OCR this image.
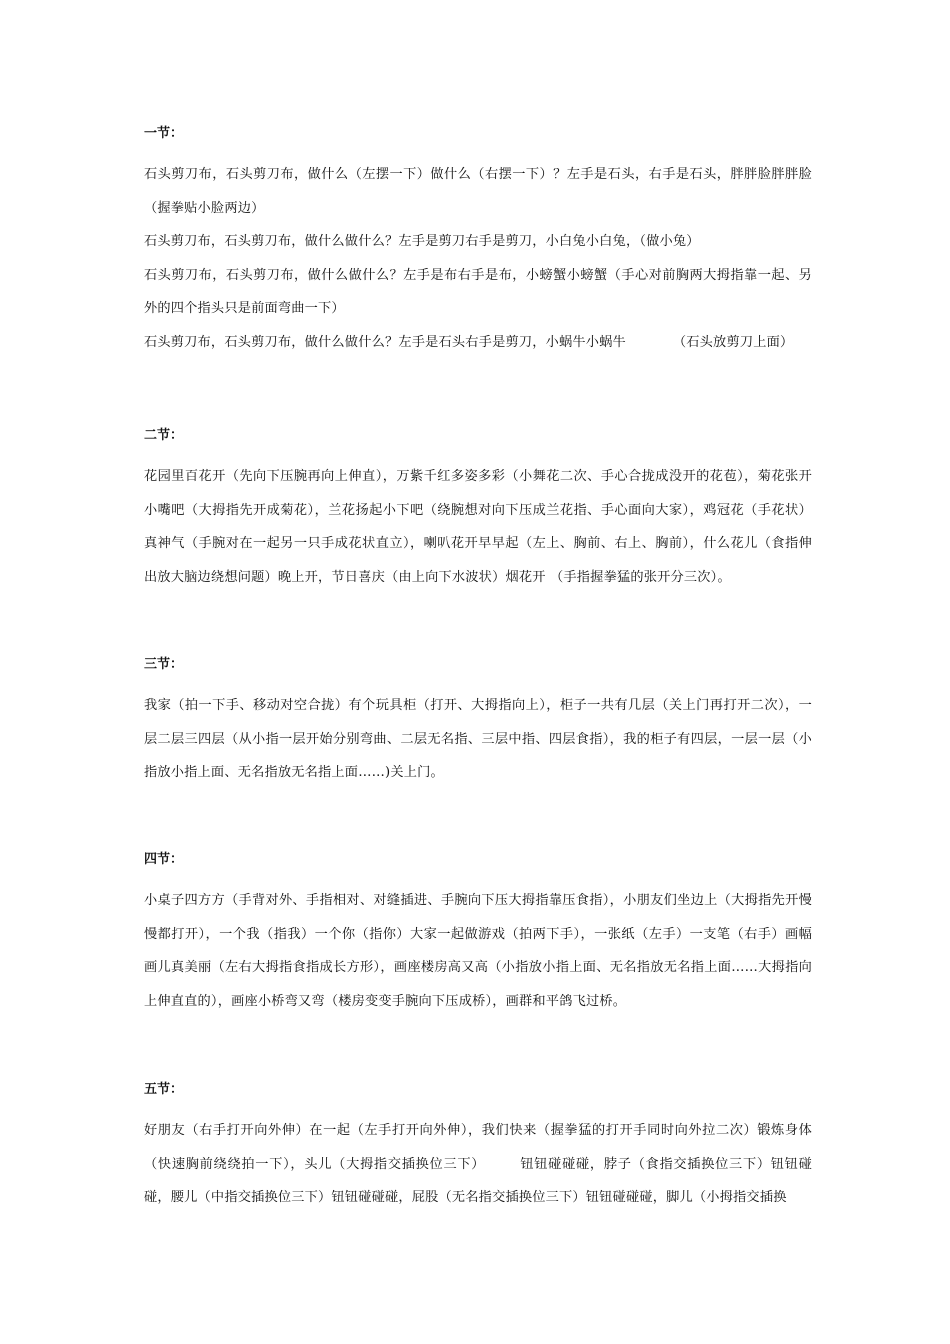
一节：

石头剪刀布，石头剪刀布，做什么（左摆一下）做什么（右摆一下）？左手是石头，右手是石头，胖胖脸胖胖脸（握拳贴小脸两边）

石头剪刀布，石头剪刀布，做什么做什么？左手是剪刀右手是剪刀，小白兔小白兔，（做小兔）

石头剪刀布，石头剪刀布，做什么做什么？左手是布右手是布，小螃蟹小螃蟹（手心对前胸两大拇指靠一起、另外的四个指头只是前面弯曲一下）

石头剪刀布，石头剪刀布，做什么做什么？左手是石头右手是剪刀，小蜗牛小蜗牛　　　　（石头放剪刀上面）

二节：

花园里百花开（先向下压腕再向上伸直），万紫千红多姿多彩（小舞花二次、手心合拢成没开的花苞），菊花张开小嘴吧（大拇指先开成菊花），兰花扬起小下吧（绕腕想对向下压成兰花指、手心面向大家），鸡冠花（手花状）真神气（手腕对在一起另一只手成花状直立），喇叭花开早早起（左上、胸前、右上、胸前），什么花儿（食指伸出放大脑边绕想问题）晚上开，节日喜庆（由上向下水波状）烟花开 （手指握拳猛的张开分三次）。

三节：

我家（拍一下手、移动对空合拢）有个玩具柜（打开、大拇指向上），柜子一共有几层（关上门再打开二次），一层二层三四层（从小指一层开始分别弯曲、二层无名指、三层中指、四层食指），我的柜子有四层，一层一层（小指放小指上面、无名指放无名指上面……)关上门。

四节：

小桌子四方方（手背对外、手指相对、对缝插进、手腕向下压大拇指靠压食指），小朋友们坐边上（大拇指先开慢慢都打开），一个我（指我）一个你（指你）大家一起做游戏（拍两下手），一张纸（左手）一支笔（右手）画幅画儿真美丽（左右大拇指食指成长方形），画座楼房高又高（小指放小指上面、无名指放无名指上面……大拇指向上伸直直的），画座小桥弯又弯（楼房变变手腕向下压成桥），画群和平鸽飞过桥。

五节：

好朋友（右手打开向外伸）在一起（左手打开向外伸），我们快来（握拳猛的打开手同时向外拉二次）锻炼身体（快速胸前绕绕拍一下），头儿（大拇指交插换位三下）　　　钮钮碰碰碰，脖子（食指交插换位三下）钮钮碰碰，腰儿（中指交插换位三下）钮钮碰碰碰，屁股（无名指交插换位三下）钮钮碰碰碰，脚儿（小拇指交插换
